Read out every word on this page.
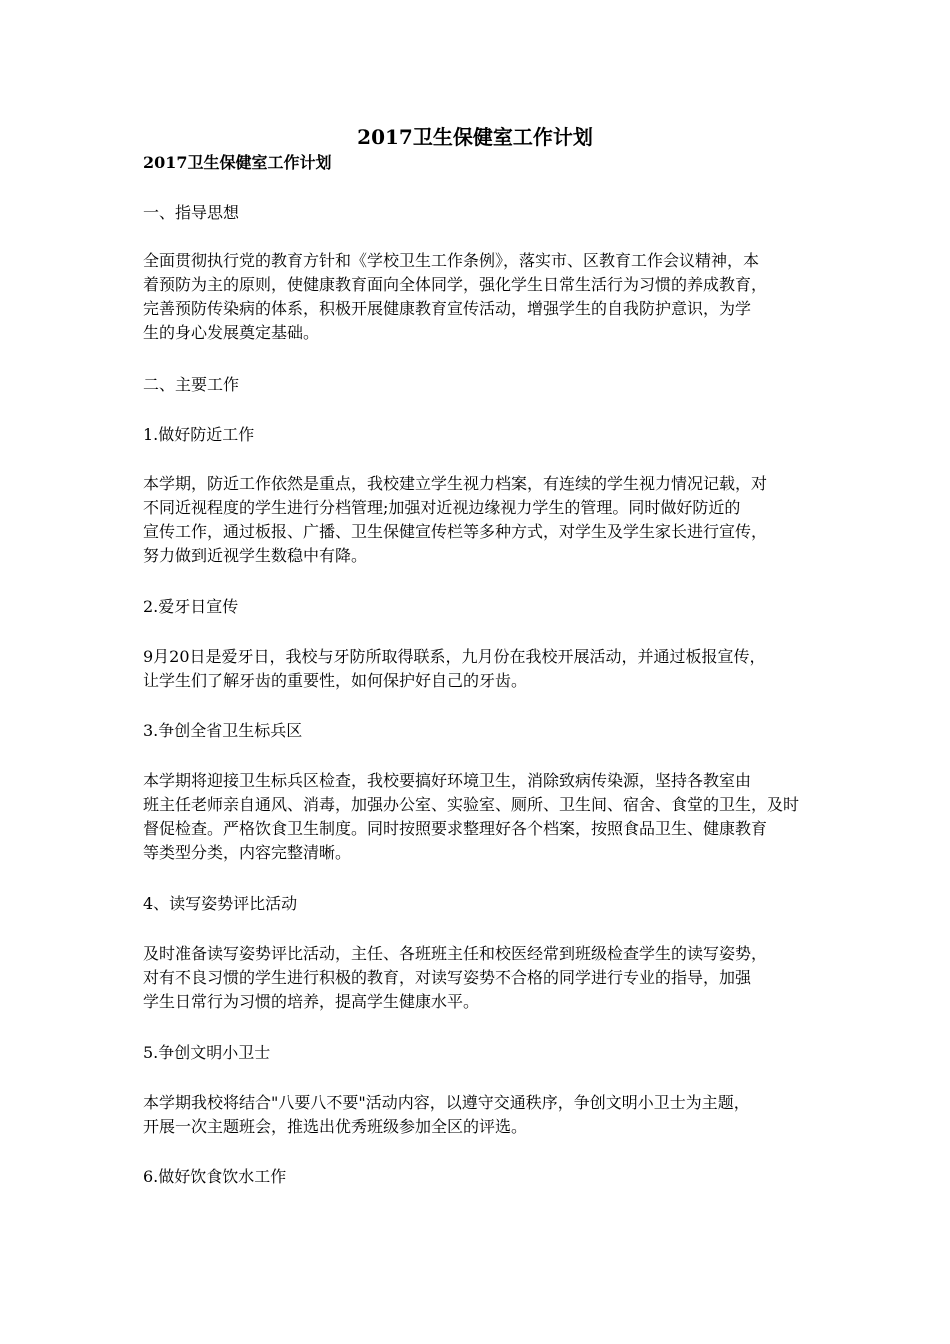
2017卫生保健室工作计划
2017卫生保健室工作计划

一、指导思想

全面贯彻执行党的教育方针和《学校卫生工作条例》，落实市、区教育工作会议精神，本

着预防为主的原则，使健康教育面向全体同学，强化学生日常生活行为习惯的养成教育，

完善预防传染病的体系，积极开展健康教育宣传活动，增强学生的自我防护意识，为学

生的身心发展奠定基础。

二、主要工作

1.做好防近工作

本学期，防近工作依然是重点，我校建立学生视力档案，有连续的学生视力情况记载，对

不同近视程度的学生进行分档管理;加强对近视边缘视力学生的管理。同时做好防近的

宣传工作，通过板报、广播、卫生保健宣传栏等多种方式，对学生及学生家长进行宣传，

努力做到近视学生数稳中有降。

2.爱牙日宣传

9月20日是爱牙日，我校与牙防所取得联系，九月份在我校开展活动，并通过板报宣传，

让学生们了解牙齿的重要性，如何保护好自己的牙齿。

3.争创全省卫生标兵区

本学期将迎接卫生标兵区检查，我校要搞好环境卫生，消除致病传染源，坚持各教室由

班主任老师亲自通风、消毒，加强办公室、实验室、厕所、卫生间、宿舍、食堂的卫生，及时

督促检查。严格饮食卫生制度。同时按照要求整理好各个档案，按照食品卫生、健康教育

等类型分类，内容完整清晰。

4、读写姿势评比活动

及时准备读写姿势评比活动，主任、各班班主任和校医经常到班级检查学生的读写姿势，

对有不良习惯的学生进行积极的教育，对读写姿势不合格的同学进行专业的指导，加强

学生日常行为习惯的培养，提高学生健康水平。

5.争创文明小卫士

本学期我校将结合"八要八不要"活动内容，以遵守交通秩序，争创文明小卫士为主题，

开展一次主题班会，推选出优秀班级参加全区的评选。

6.做好饮食饮水工作
